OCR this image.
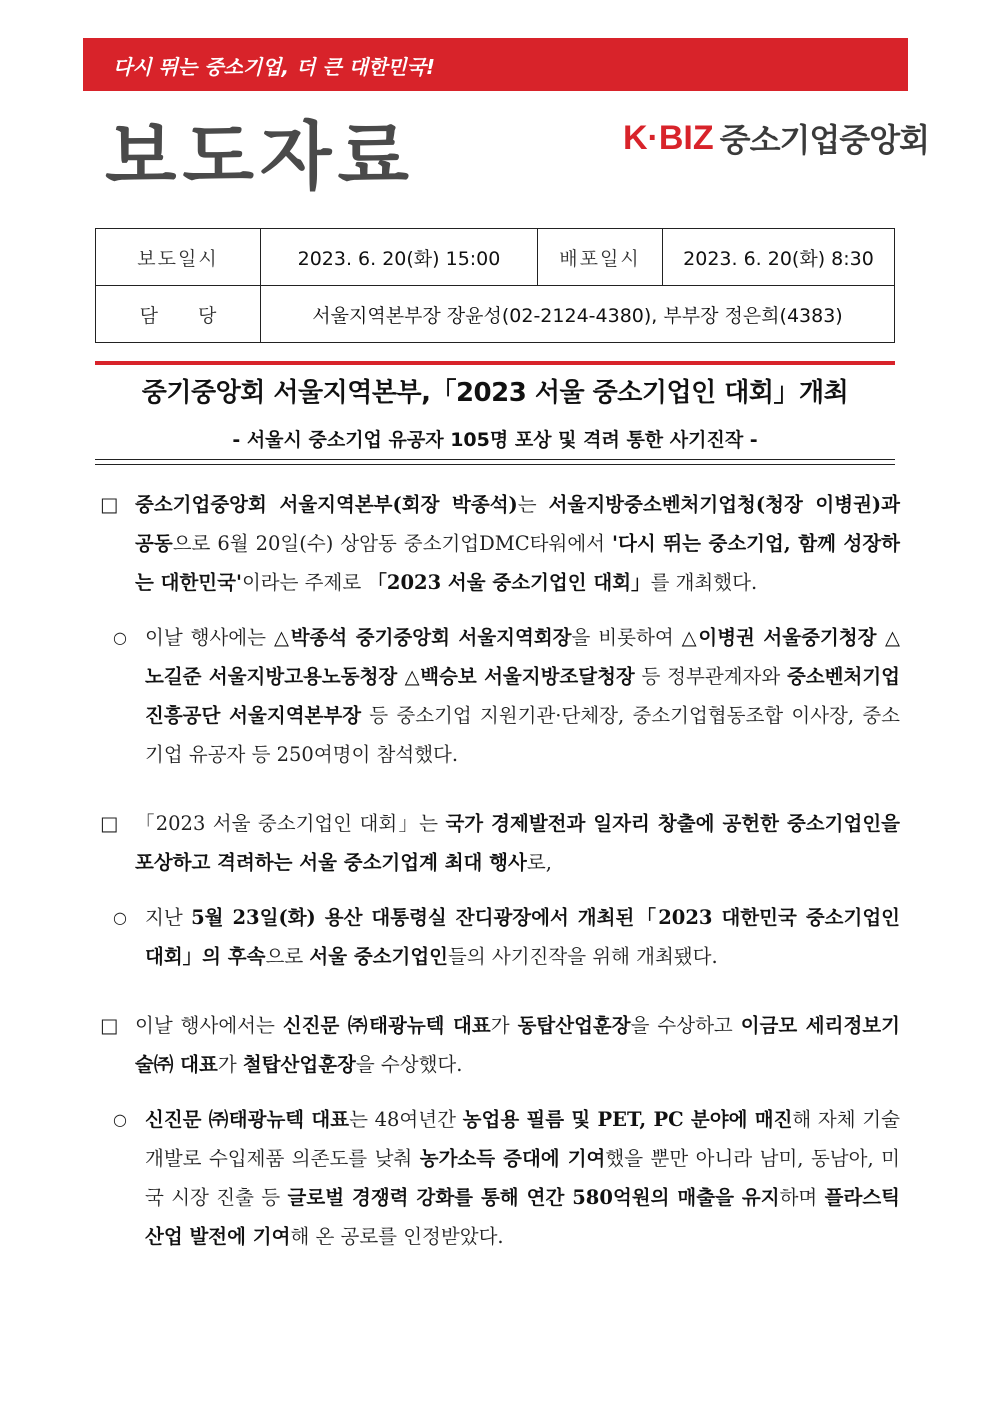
다시 뛰는 중소기업, 더 큰 대한민국!
보도자료	K·BIZ 중소기업중앙회
보도일시	2023. 6. 20(화) 15:00	배포일시	2023. 6. 20(화) 8:30
담당	서울지역본부장 장윤성(02-2124-4380), 부부장 정은희(4383)		
중기중앙회 서울지역본부,「2023 서울 중소기업인 대회」개최
- 서울시 중소기업 유공자 105명 포상 및 격려 통한 사기진작 -
□ 중소기업중앙회 서울지역본부(회장 박종석)는 서울지방중소벤처기업청(청장 이병권)과 공동으로 6월 20일(수) 상암동 중소기업DMC타워에서 '다시 뛰는 중소기업, 함께 성장하는 대한민국'이라는 주제로 「2023 서울 중소기업인 대회」를 개최했다.
○ 이날 행사에는 △박종석 중기중앙회 서울지역회장을 비롯하여 △이병권 서울중기청장 △노길준 서울지방고용노동청장 △백승보 서울지방조달청장 등 정부관계자와 중소벤처기업진흥공단 서울지역본부장 등 중소기업 지원기관·단체장, 중소기업협동조합 이사장, 중소기업 유공자 등 250여명이 참석했다.
□ 「2023 서울 중소기업인 대회」는 국가 경제발전과 일자리 창출에 공헌한 중소기업인을 포상하고 격려하는 서울 중소기업계 최대 행사로,
○ 지난 5월 23일(화) 용산 대통령실 잔디광장에서 개최된「2023 대한민국 중소기업인 대회」의 후속으로 서울 중소기업인들의 사기진작을 위해 개최됐다.
□ 이날 행사에서는 신진문 ㈜태광뉴텍 대표가 동탑산업훈장을 수상하고 이금모 세리정보기술㈜ 대표가 철탑산업훈장을 수상했다.
○ 신진문 ㈜태광뉴텍 대표는 48여년간 농업용 필름 및 PET, PC 분야에 매진해 자체 기술개발로 수입제품 의존도를 낮춰 농가소득 증대에 기여했을 뿐만 아니라 남미, 동남아, 미국 시장 진출 등 글로벌 경쟁력 강화를 통해 연간 580억원의 매출을 유지하며 플라스틱 산업 발전에 기여해 온 공로를 인정받았다.
